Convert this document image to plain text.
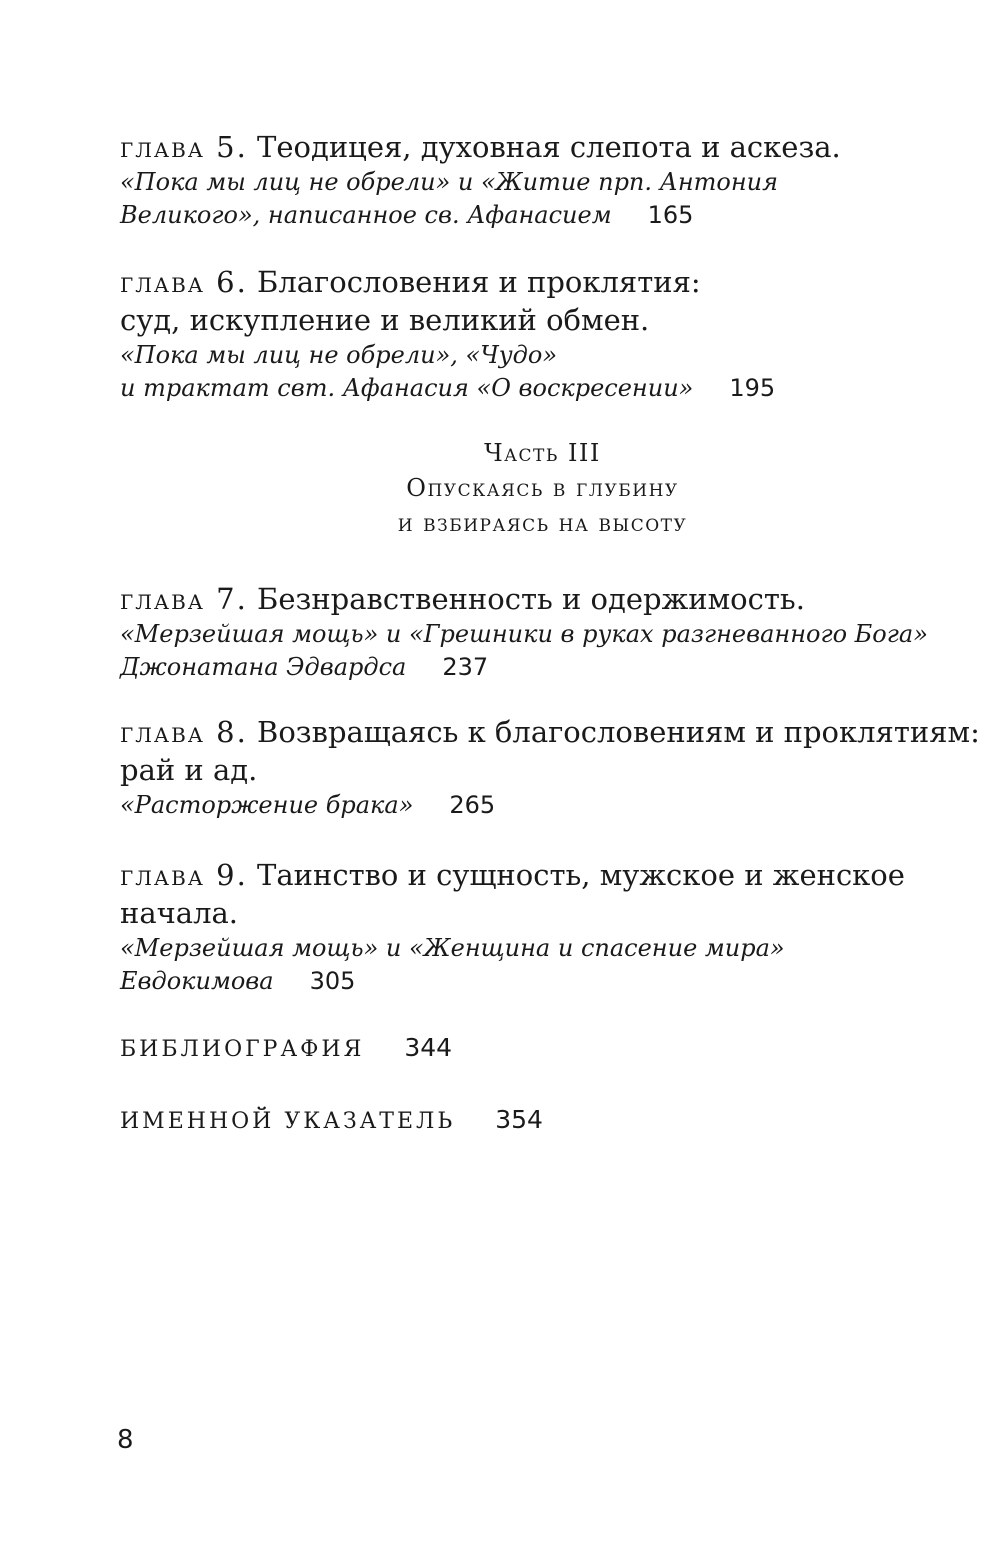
глава 5. Теодицея, духовная слепота и аскеза.
«Пока мы лиц не обрели» и «Житие прп. Антония
Великого», написанное св. Афанасием 165
глава 6. Благословения и проклятия:
суд, искупление и великий обмен.
«Пока мы лиц не обрели», «Чудо»
и трактат свт. Афанасия «О воскресении» 195
Часть III
Опускаясь в глубину
и взбираясь на высоту
глава 7. Безнравственность и одержимость.
«Мерзейшая мощь» и «Грешники в руках разгневанного Бога»
Джонатана Эдвардса 237
глава 8. Возвращаясь к благословениям и проклятиям:
рай и ад.
«Расторжение брака» 265
глава 9. Таинство и сущность, мужское и женское
начала.
«Мерзейшая мощь» и «Женщина и спасение мира»
Евдокимова 305
БИБЛИОГРАФИЯ 344
ИМЕННОЙ УКАЗАТЕЛЬ 354
8
